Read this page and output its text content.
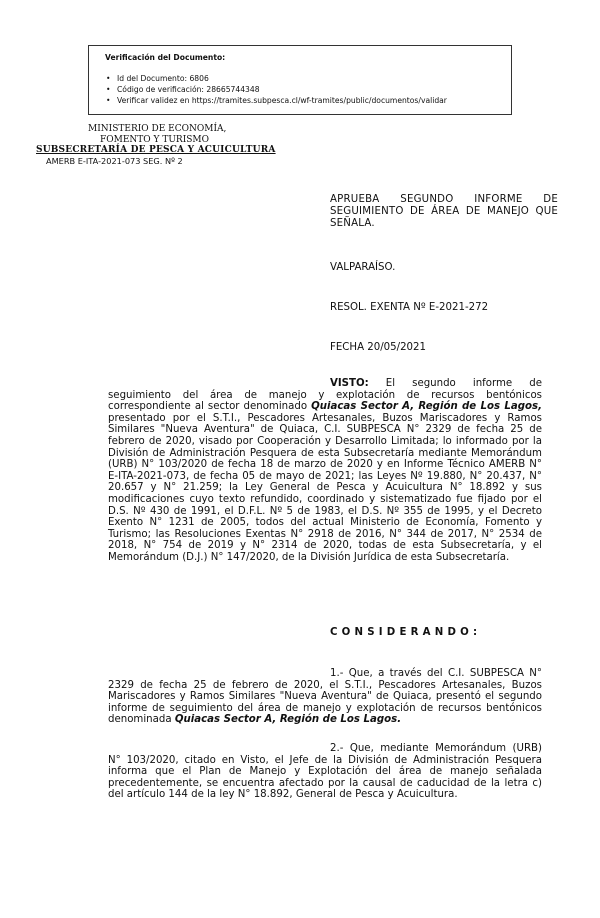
Verificación del Documento:
• Id del Documento: 6806
• Código de verificación: 28665744348
• Verificar validez en https://tramites.subpesca.cl/wf-tramites/public/documentos/validar
MINISTERIO DE ECONOMÍA,
FOMENTO Y TURISMO
SUBSECRETARÍA DE PESCA Y ACUICULTURA
AMERB E-ITA-2021-073 SEG. Nº 2
APRUEBA SEGUNDO INFORME DE SEGUIMIENTO DE ÁREA DE MANEJO QUE SEÑALA.
VALPARAÍSO.
RESOL. EXENTA Nº E-2021-272
FECHA 20/05/2021
VISTO: El segundo informe de seguimiento del área de manejo y explotación de recursos bentónicos correspondiente al sector denominado Quiacas Sector A, Región de Los Lagos, presentado por el S.T.I., Pescadores Artesanales, Buzos Mariscadores y Ramos Similares "Nueva Aventura" de Quiaca, C.I. SUBPESCA N° 2329 de fecha 25 de febrero de 2020, visado por Cooperación y Desarrollo Limitada; lo informado por la División de Administración Pesquera de esta Subsecretaría mediante Memorándum (URB) N° 103/2020 de fecha 18 de marzo de 2020 y en Informe Técnico AMERB N° E-ITA-2021-073, de fecha 05 de mayo de 2021; las Leyes Nº 19.880, N° 20.437, N° 20.657 y N° 21.259; la Ley General de Pesca y Acuicultura N° 18.892 y sus modificaciones cuyo texto refundido, coordinado y sistematizado fue fijado por el D.S. Nº 430 de 1991, el D.F.L. Nº 5 de 1983, el D.S. Nº 355 de 1995, y el Decreto Exento N° 1231 de 2005, todos del actual Ministerio de Economía, Fomento y Turismo; las Resoluciones Exentas N° 2918 de 2016, N° 344 de 2017, N° 2534 de 2018, N° 754 de 2019 y N° 2314 de 2020, todas de esta Subsecretaría, y el Memorándum (D.J.) N° 147/2020, de la División Jurídica de esta Subsecretaría.
CONSIDERANDO:
1.- Que, a través del C.I. SUBPESCA N° 2329 de fecha 25 de febrero de 2020, el S.T.I., Pescadores Artesanales, Buzos Mariscadores y Ramos Similares "Nueva Aventura" de Quiaca, presentó el segundo informe de seguimiento del área de manejo y explotación de recursos bentónicos denominada Quiacas Sector A, Región de Los Lagos.
2.- Que, mediante Memorándum (URB) N° 103/2020, citado en Visto, el Jefe de la División de Administración Pesquera informa que el Plan de Manejo y Explotación del área de manejo señalada precedentemente, se encuentra afectado por la causal de caducidad de la letra c) del artículo 144 de la ley N° 18.892, General de Pesca y Acuicultura.
